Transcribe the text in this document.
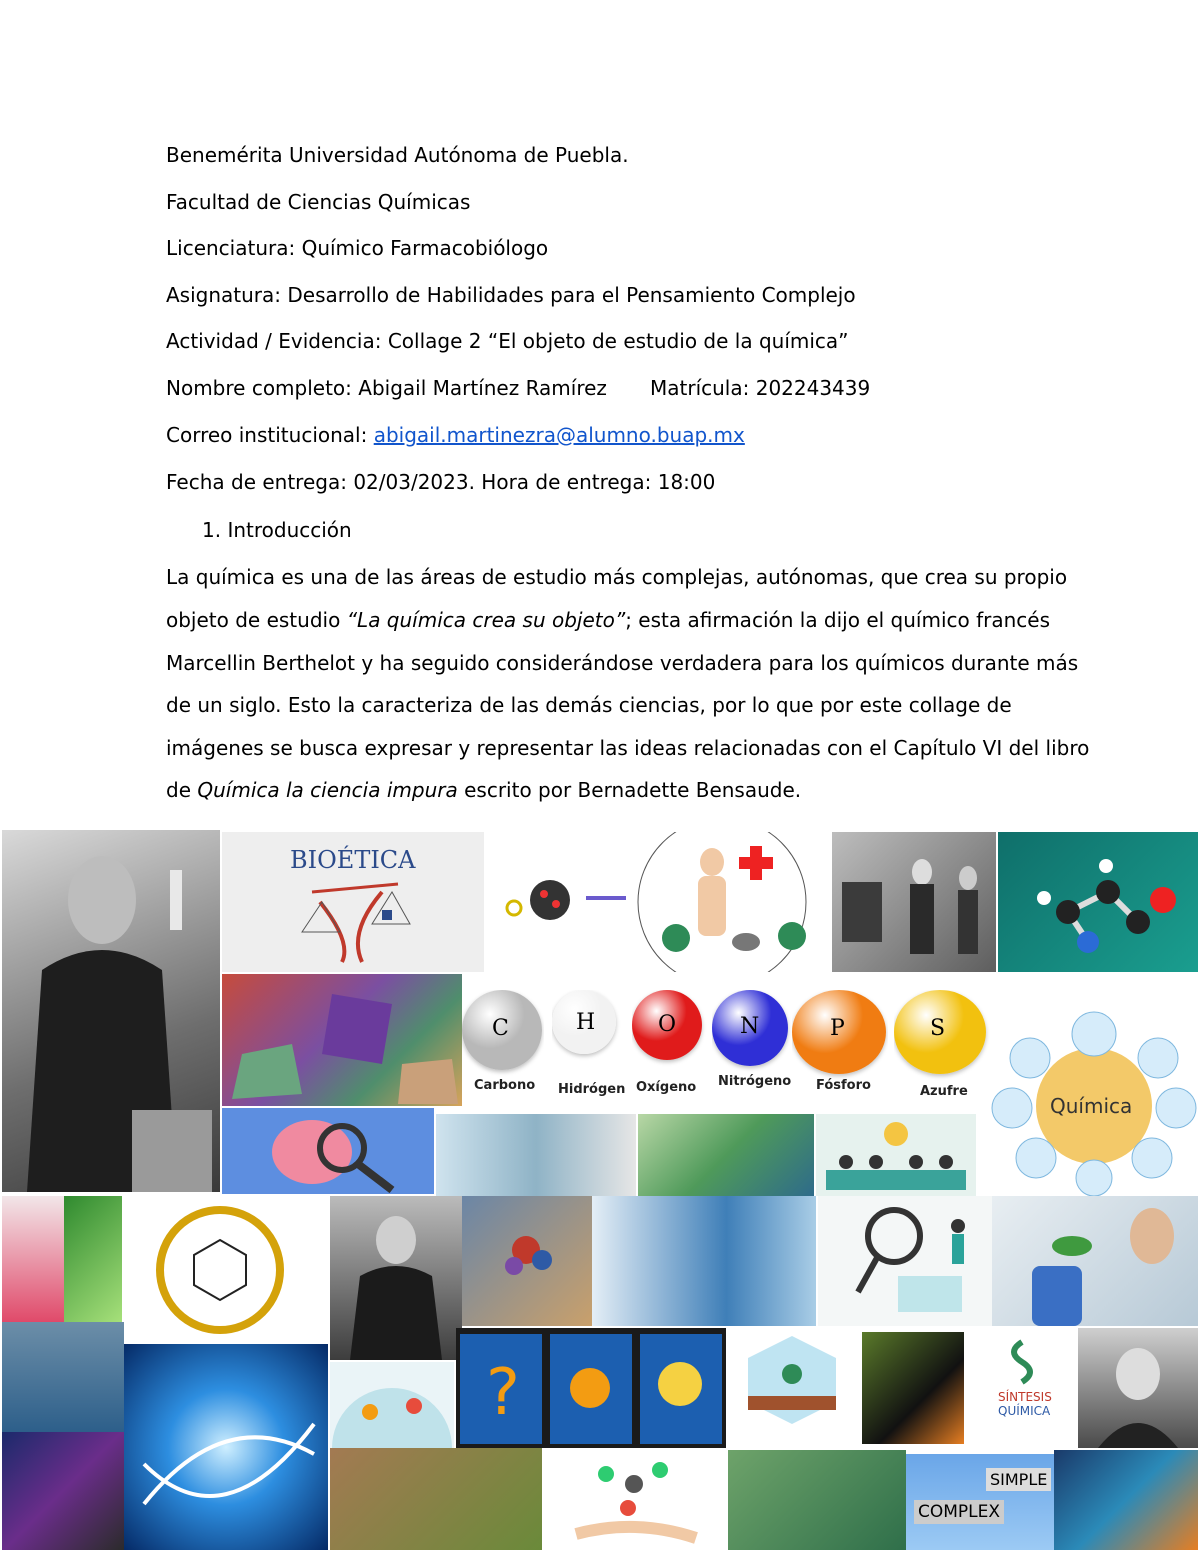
Benemérita Universidad Autónoma de Puebla.
Facultad de Ciencias Químicas
Licenciatura: Químico Farmacobiólogo
Asignatura: Desarrollo de Habilidades para el Pensamiento Complejo
Actividad / Evidencia: Collage 2 “El objeto de estudio de la química”
Nombre completo: Abigail Martínez Ramírez Matrícula: 202243439
Correo institucional: abigail.martinezra@alumno.buap.mx
Fecha de entrega: 02/03/2023. Hora de entrega: 18:00
1. Introducción
La química es una de las áreas de estudio más complejas, autónomas, que crea su propio
objeto de estudio “La química crea su objeto”; esta afirmación la dijo el químico francés
Marcellin Berthelot y ha seguido considerándose verdadera para los químicos durante más
de un siglo. Esto la caracteriza de las demás ciencias, por lo que por este collage de
imágenes se busca expresar y representar las ideas relacionadas con el Capítulo VI del libro
de Química la ciencia impura escrito por Bernadette Bensaude.
BIOÉTICA
C
Carbono
H
Hidrógen
O
Oxígeno
N
Nitrógeno
P
Fósforo
S
Azufre
Química
?	SÍNTESIS
QUÍMICA
SIMPLE
COMPLEX
